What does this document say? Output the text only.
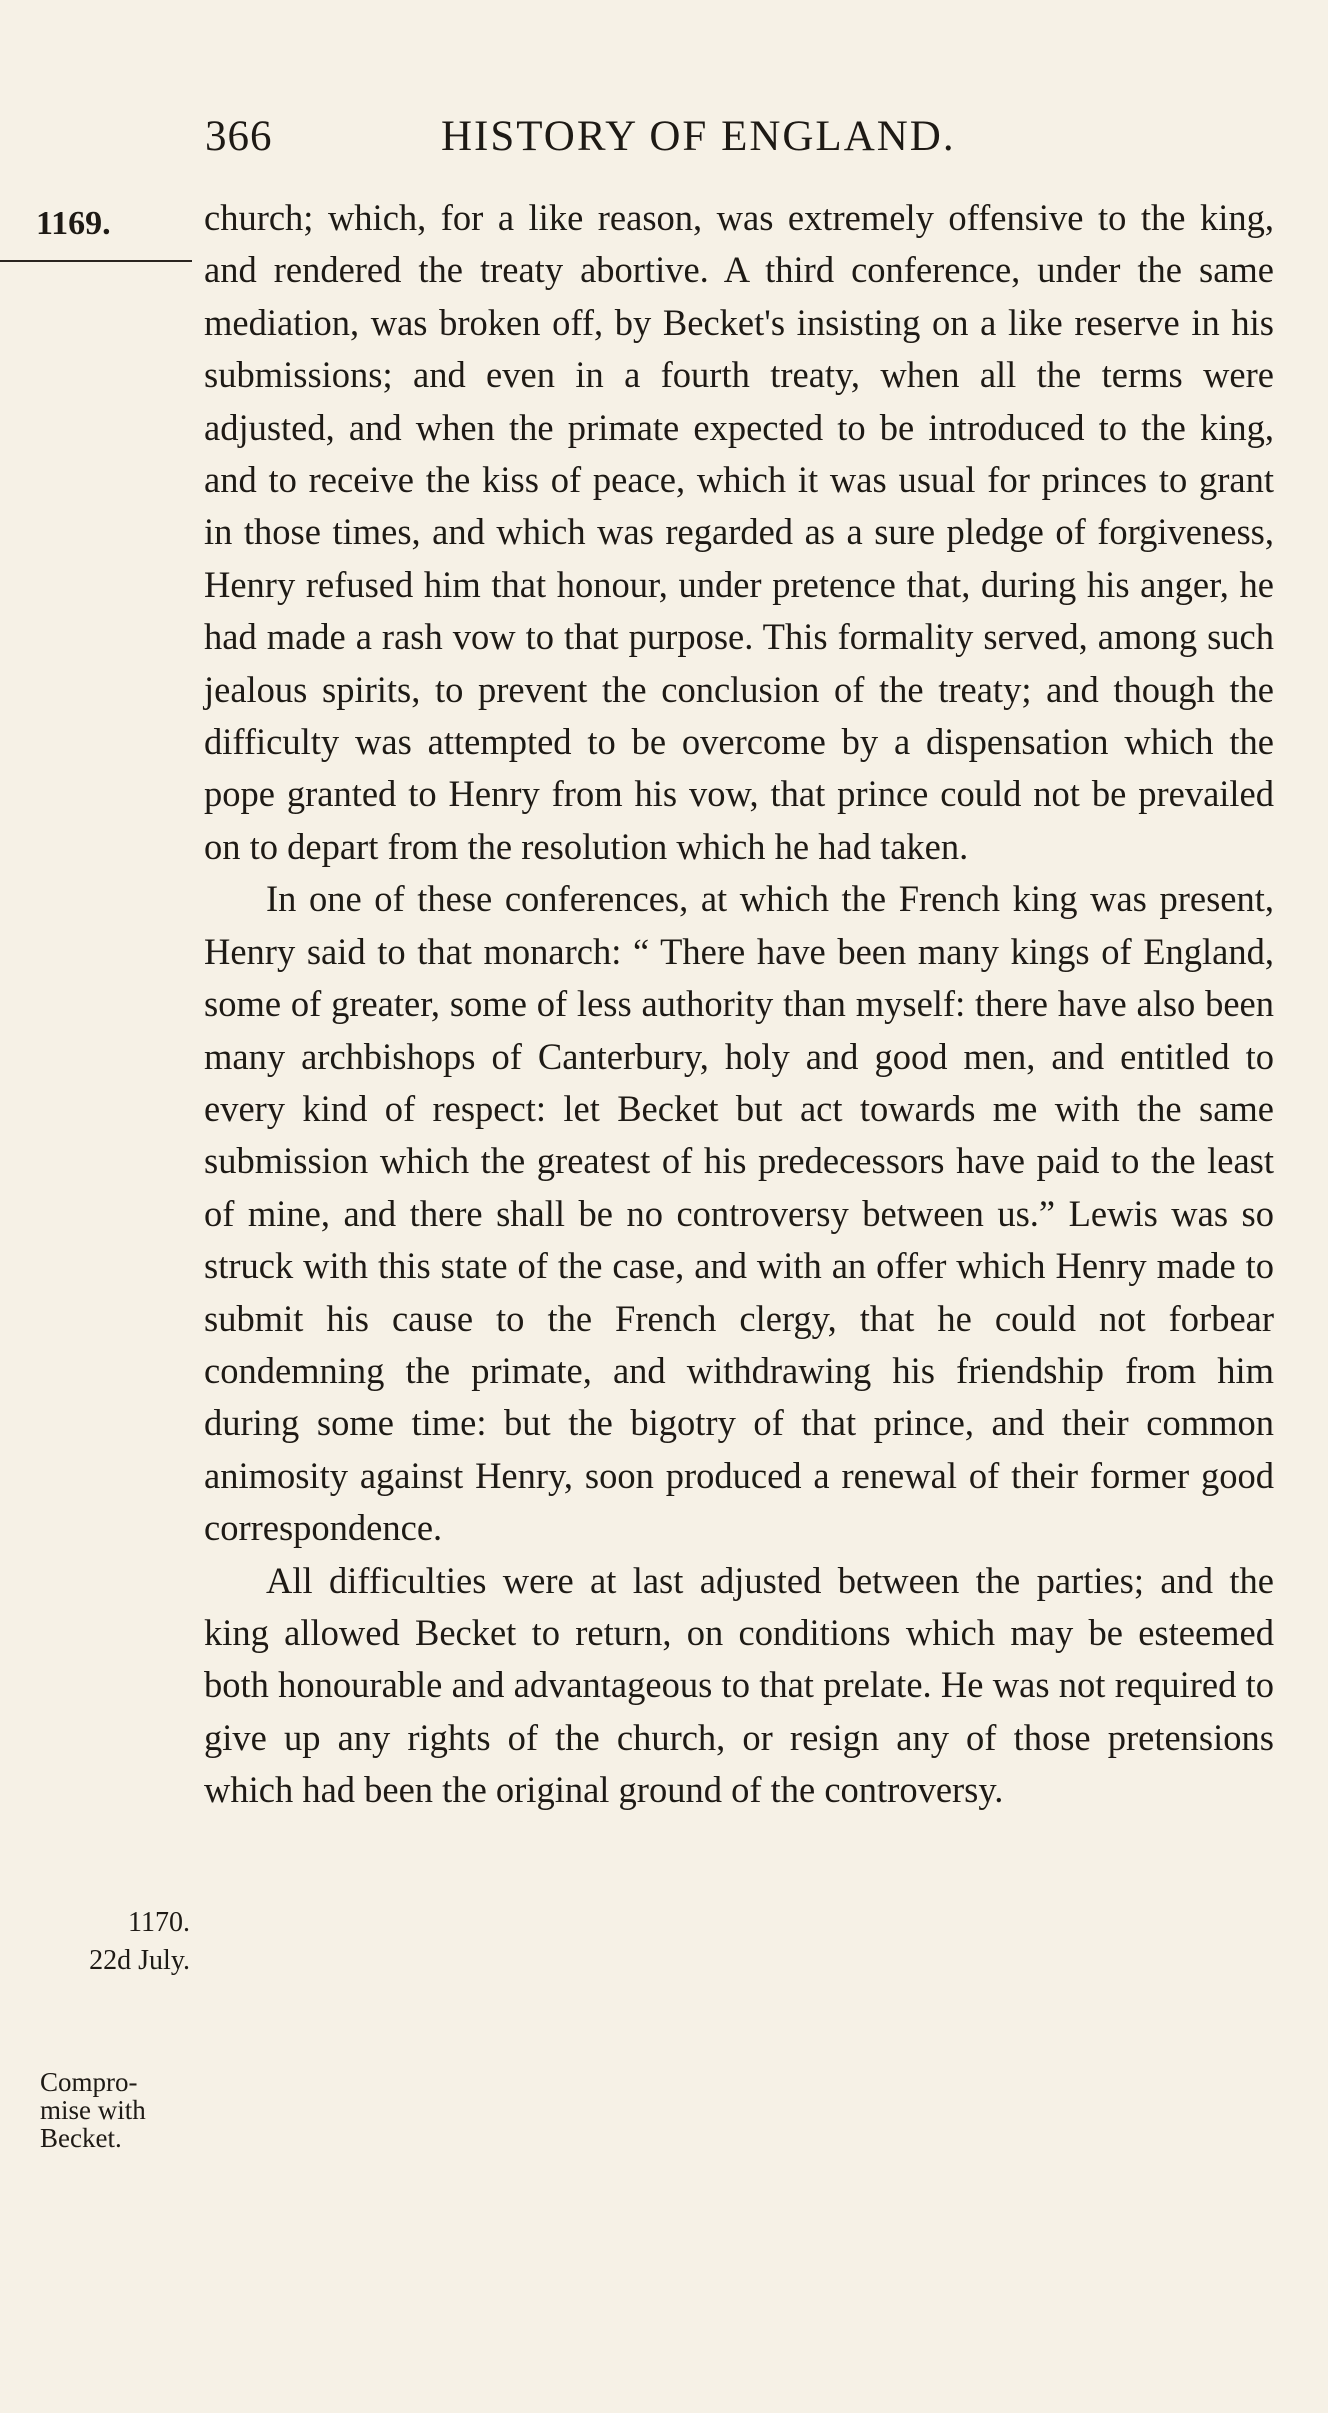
366	HISTORY OF ENGLAND.
1169.	church; which, for a like reason, was extremely offensive to the king, and rendered the treaty abortive. A third conference, under the same mediation, was broken off, by Becket's insisting on a like reserve in his submissions; and even in a fourth treaty, when all the terms were adjusted, and when the primate expected to be introduced to the king, and to receive the kiss of peace, which it was usual for princes to grant in those times, and which was regarded as a sure pledge of forgiveness, Henry refused him that honour, under pretence that, during his anger, he had made a rash vow to that purpose. This formality served, among such jealous spirits, to prevent the conclusion of the treaty; and though the difficulty was attempted to be overcome by a dispensation which the pope granted to Henry from his vow, that prince could not be prevailed on to depart from the resolution which he had taken.

In one of these conferences, at which the French king was present, Henry said to that monarch: “ There have been many kings of England, some of greater, some of less authority than myself: there have also been many archbishops of Canterbury, holy and good men, and entitled to every kind of respect: let Becket but act towards me with the same submission which the greatest of his predecessors have paid to the least of mine, and there shall be no controversy between us.” Lewis was so struck with this state of the case, and with an offer which Henry made to submit his cause to the French clergy, that he could not forbear condemning the primate, and withdrawing his friendship from him during some time: but the bigotry of that prince, and their common animosity against Henry, soon produced a renewal of their former good correspondence.

All difficulties were at last adjusted between the parties; and the king allowed Becket to return, on conditions which may be esteemed both honourable and advantageous to that prelate. He was not required to give up any rights of the church, or resign any of those pretensions which had been the original ground of the controversy.

1170.
22d July.
Compro-
mise with
Becket.
